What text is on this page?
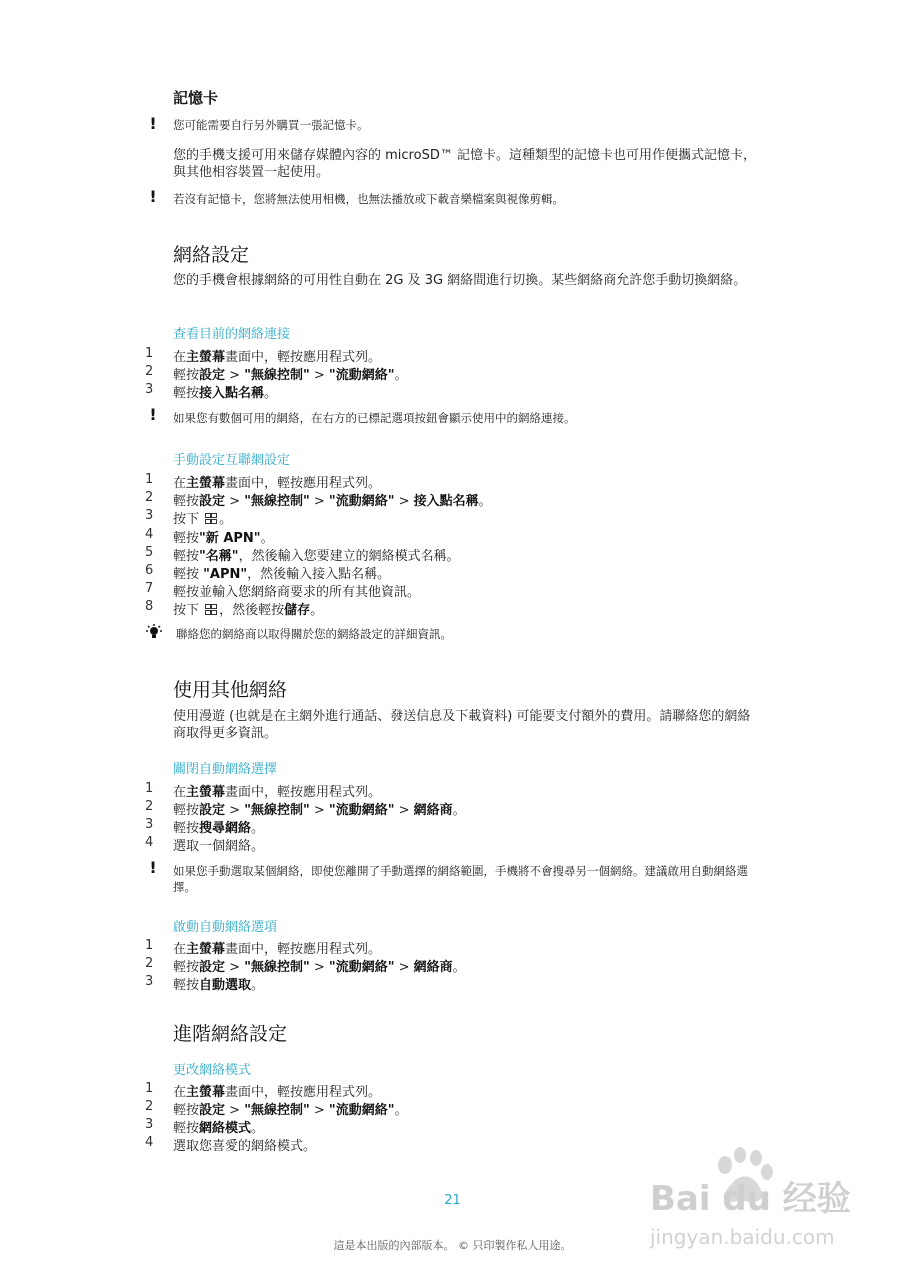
記憶卡
! 您可能需要自行另外購買一張記憶卡。
您的手機支援可用來儲存媒體內容的 microSD™ 記憶卡。這種類型的記憶卡也可用作便攜式記憶卡，與其他相容裝置一起使用。
! 若沒有記憶卡，您將無法使用相機，也無法播放或下載音樂檔案與視像剪輯。
網絡設定
您的手機會根據網絡的可用性自動在 2G 及 3G 網絡間進行切換。某些網絡商允許您手動切換網絡。
查看目前的網絡連接
! 如果您有數個可用的網絡，在右方的已標記選項按鈕會顯示使用中的網絡連接。
手動設定互聯網設定
聯絡您的網絡商以取得關於您的網絡設定的詳細資訊。
使用其他網絡
使用漫遊 (也就是在主網外進行通話、發送信息及下載資料) 可能要支付額外的費用。請聯絡您的網絡商取得更多資訊。
關閉自動網絡選擇
! 如果您手動選取某個網絡，即使您離開了手動選擇的網絡範圍，手機將不會搜尋另一個網絡。建議啟用自動網絡選擇。
啟動自動網絡選項
進階網絡設定
更改網絡模式
21
這是本出版的內部版本。 © 只印製作私人用途。
Bai du 经验
jingyan.baidu.com
1	在主螢幕畫面中，輕按應用程式列。
2	輕按設定 > "無線控制" > "流動網絡"。
3	輕按接入點名稱。
1	在主螢幕畫面中，輕按應用程式列。
2	輕按設定 > "無線控制" > "流動網絡" > 接入點名稱。
3	按下
。
4	輕按"新 APN"。
5	輕按"名稱"，然後輸入您要建立的網絡模式名稱。
6	輕按 "APN"，然後輸入接入點名稱。
7	輕按並輸入您網絡商要求的所有其他資訊。
8	按下
，然後輕按儲存。
1	在主螢幕畫面中，輕按應用程式列。
2	輕按設定 > "無線控制" > "流動網絡" > 網絡商。
3	輕按搜尋網絡。
4	選取一個網絡。
1	在主螢幕畫面中，輕按應用程式列。
2	輕按設定 > "無線控制" > "流動網絡" > 網絡商。
3	輕按自動選取。
1	在主螢幕畫面中，輕按應用程式列。
2	輕按設定 > "無線控制" > "流動網絡"。
3	輕按網絡模式。
4	選取您喜愛的網絡模式。
